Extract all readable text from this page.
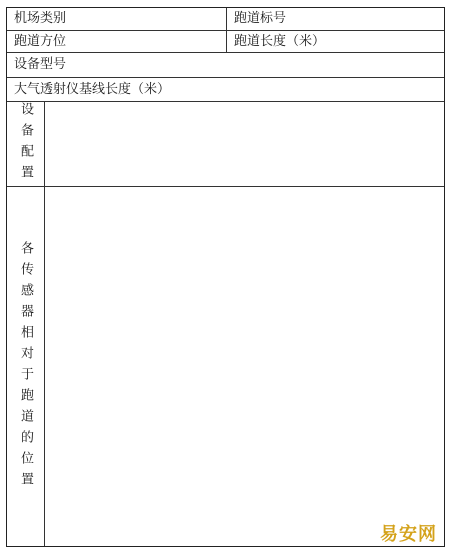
机场类别	跑道标号
跑道方位	跑道长度（米）
设备型号
大气透射仪基线长度（米）
设备配置
各传感器相对于跑道的位置
易安网
